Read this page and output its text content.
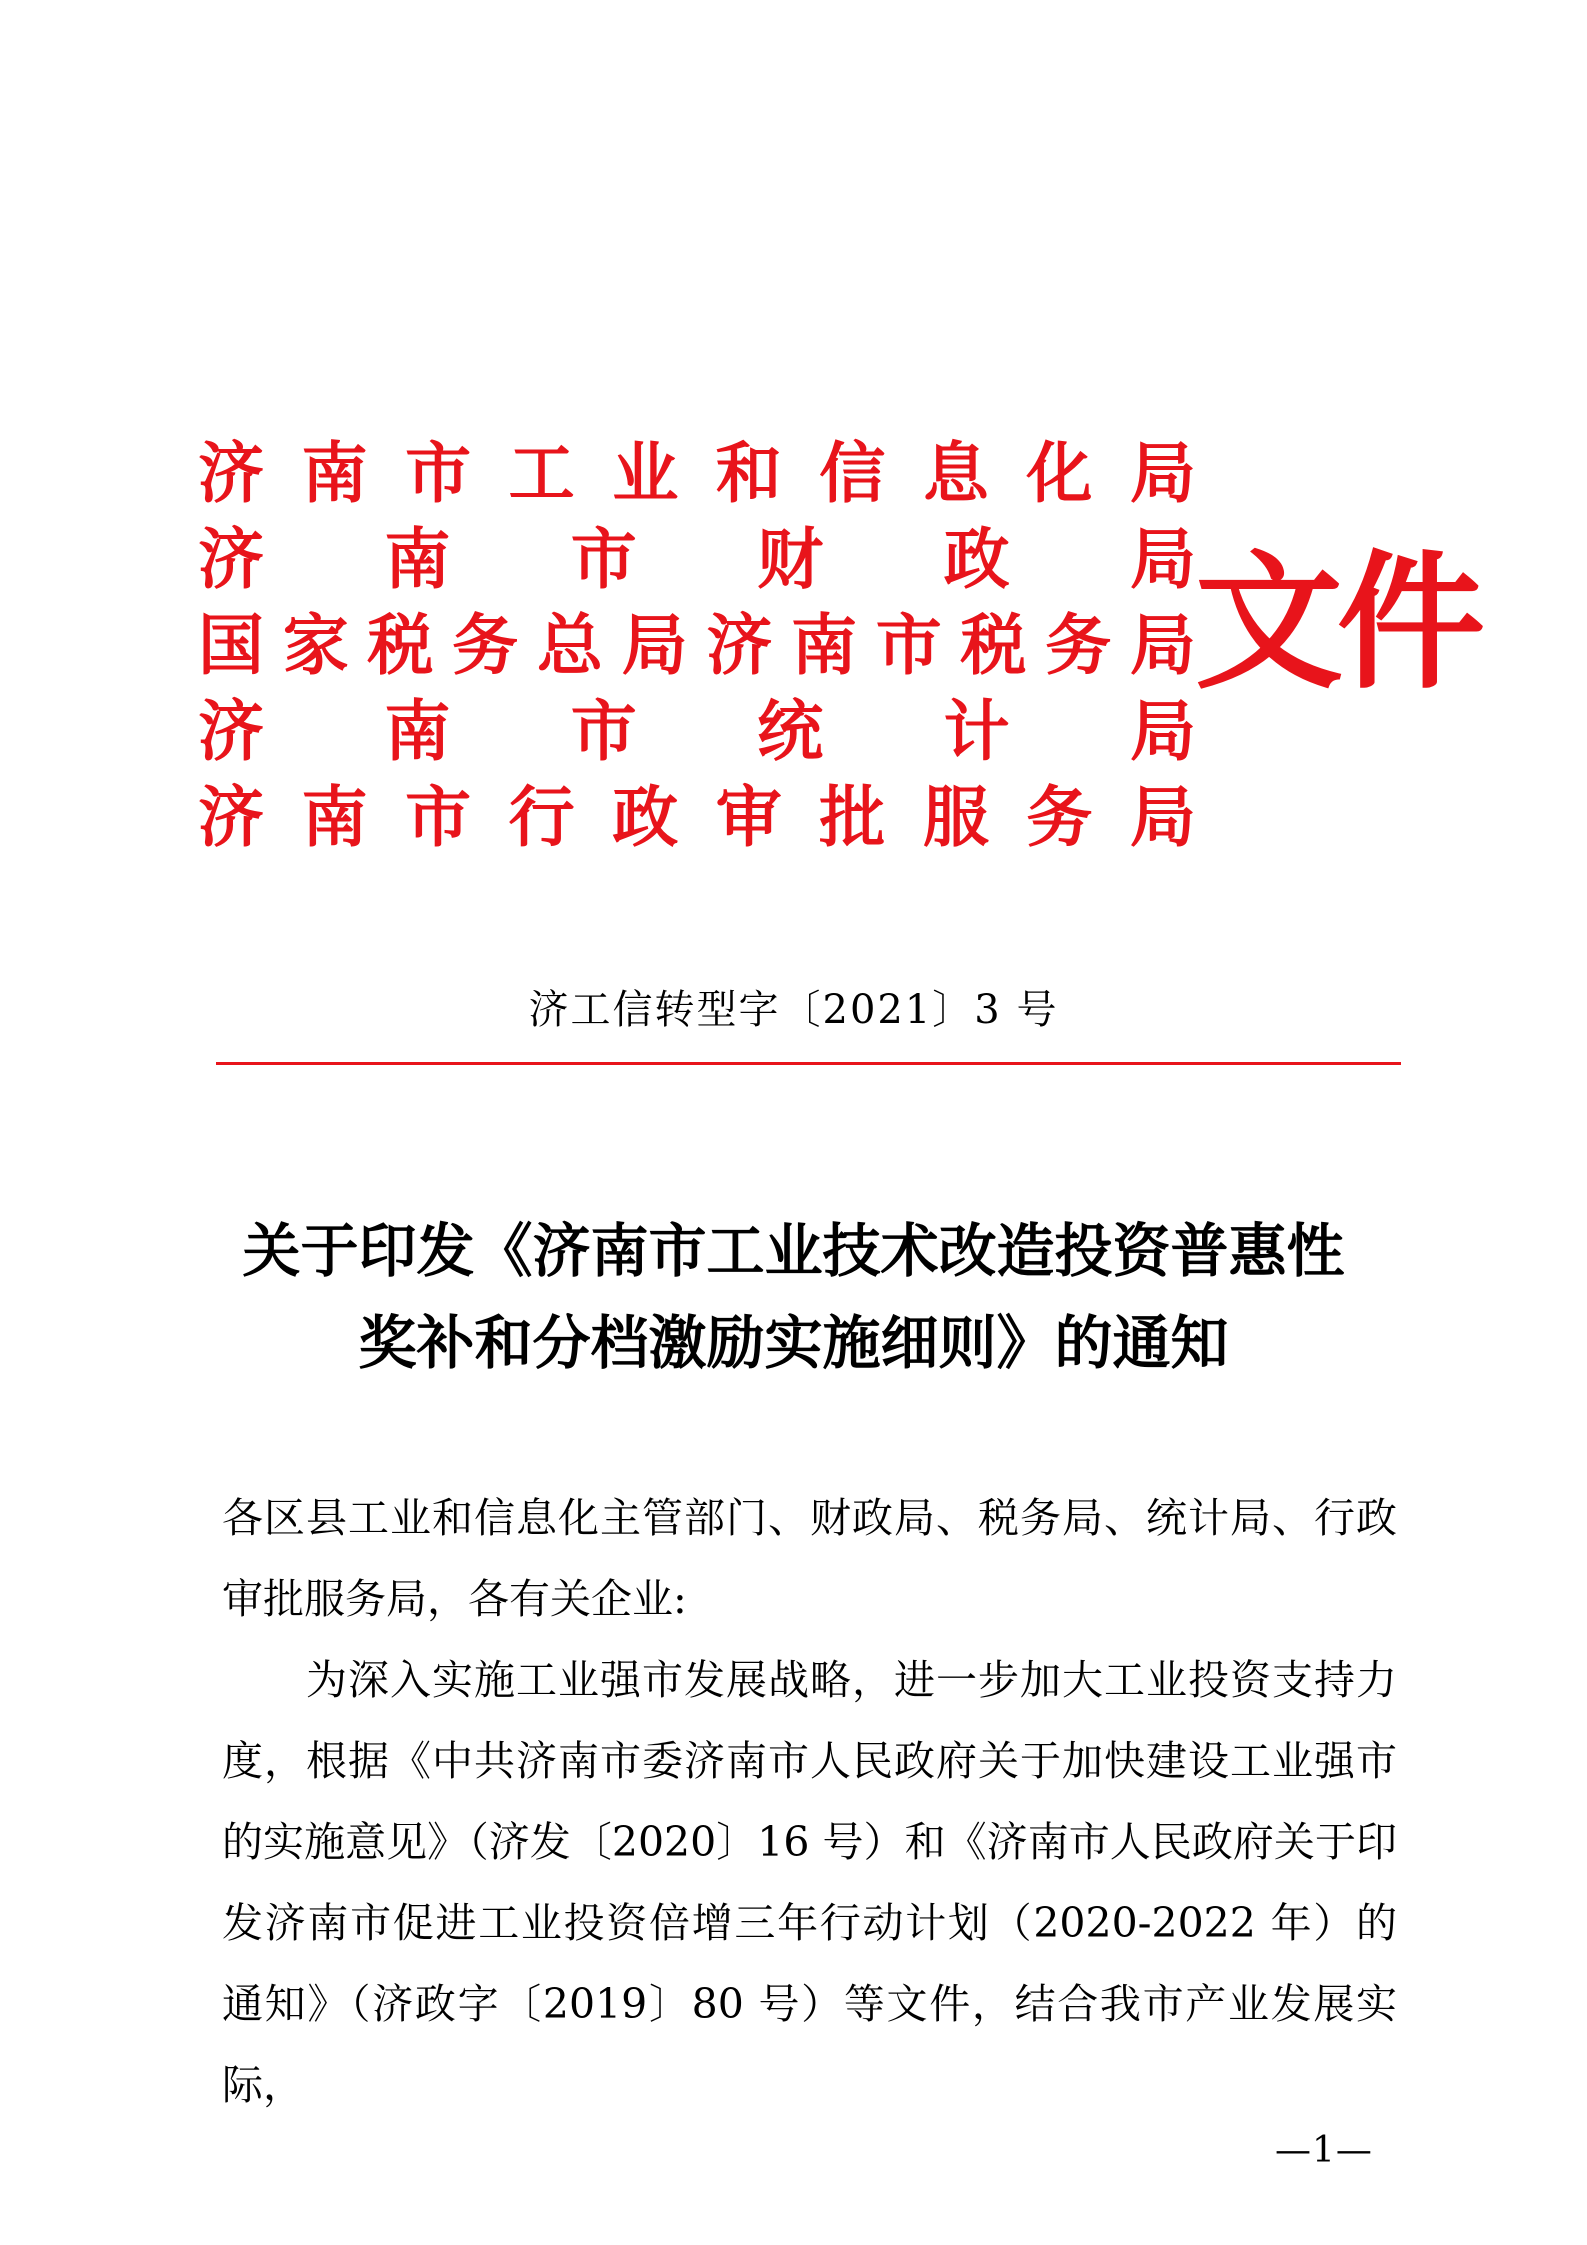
济 南 市 工 业 和 信 息 化 局
济 南 市 财 政 局
国 家 税 务 总 局 济 南 市 税 务 局
济 南 市 统 计 局
济 南 市 行 政 审 批 服 务 局
文件
济工信转型字〔2021〕3 号
关于印发《济南市工业技术改造投资普惠性
奖补和分档激励实施细则》的通知

各区县工业和信息化主管部门、财政局、税务局、统计局、行政审批服务局，各有关企业:

为深入实施工业强市发展战略，进一步加大工业投资支持力度，根据《中共济南市委济南市人民政府关于加快建设工业强市的实施意见》（济发〔2020〕16 号）和《济南市人民政府关于印发济南市促进工业投资倍增三年行动计划（2020-2022 年）的通知》（济政字〔2019〕80 号）等文件，结合我市产业发展实际，

—1—
